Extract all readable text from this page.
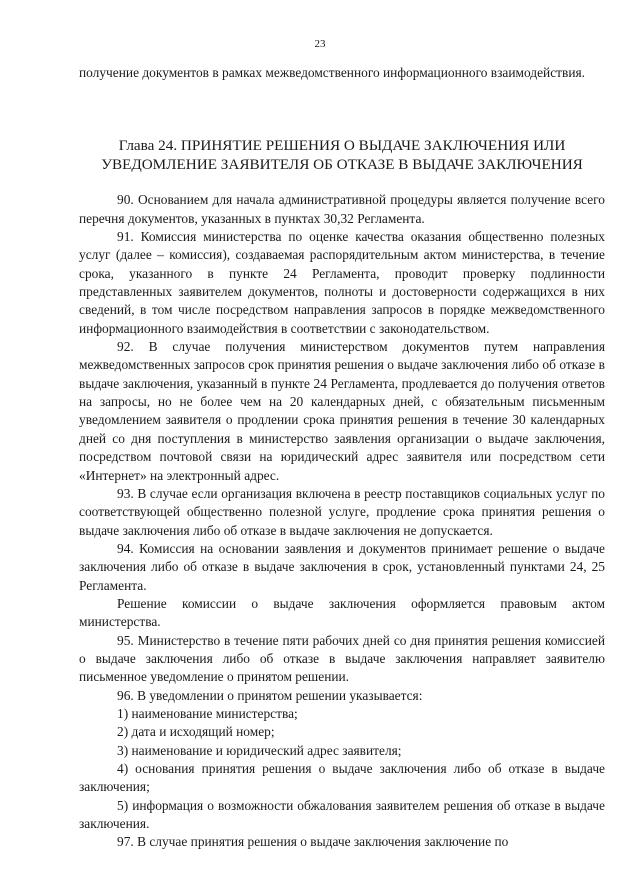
23

получение документов в рамках межведомственного информационного взаимодействия.

Глава 24. ПРИНЯТИЕ РЕШЕНИЯ О ВЫДАЧЕ ЗАКЛЮЧЕНИЯ ИЛИ
УВЕДОМЛЕНИЕ ЗАЯВИТЕЛЯ ОБ ОТКАЗЕ В ВЫДАЧЕ ЗАКЛЮЧЕНИЯ

90. Основанием для начала административной процедуры является получение всего перечня документов, указанных в пунктах 30,32 Регламента.

91. Комиссия министерства по оценке качества оказания общественно полезных услуг (далее – комиссия), создаваемая распорядительным актом министерства, в течение срока, указанного в пункте 24 Регламента, проводит проверку подлинности представленных заявителем документов, полноты и достоверности содержащихся в них сведений, в том числе посредством направления запросов в порядке межведомственного информационного взаимодействия в соответствии с законодательством.

92. В случае получения министерством документов путем направления межведомственных запросов срок принятия решения о выдаче заключения либо об отказе в выдаче заключения, указанный в пункте 24 Регламента, продлевается до получения ответов на запросы, но не более чем на 20 календарных дней, с обязательным письменным уведомлением заявителя о продлении срока принятия решения в течение 30 календарных дней со дня поступления в министерство заявления организации о выдаче заключения, посредством почтовой связи на юридический адрес заявителя или посредством сети «Интернет» на электронный адрес.

93. В случае если организация включена в реестр поставщиков социальных услуг по соответствующей общественно полезной услуге, продление срока принятия решения о выдаче заключения либо об отказе в выдаче заключения не допускается.

94. Комиссия на основании заявления и документов принимает решение о выдаче заключения либо об отказе в выдаче заключения в срок, установленный пунктами 24, 25 Регламента.

Решение комиссии о выдаче заключения оформляется правовым актом министерства.

95. Министерство в течение пяти рабочих дней со дня принятия решения комиссией о выдаче заключения либо об отказе в выдаче заключения направляет заявителю письменное уведомление о принятом решении.

96. В уведомлении о принятом решении указывается:

1) наименование министерства;

2) дата и исходящий номер;

3) наименование и юридический адрес заявителя;

4) основания принятия решения о выдаче заключения либо об отказе в выдаче заключения;

5) информация о возможности обжалования заявителем решения об отказе в выдаче заключения.

97. В случае принятия решения о выдаче заключения заключение по
